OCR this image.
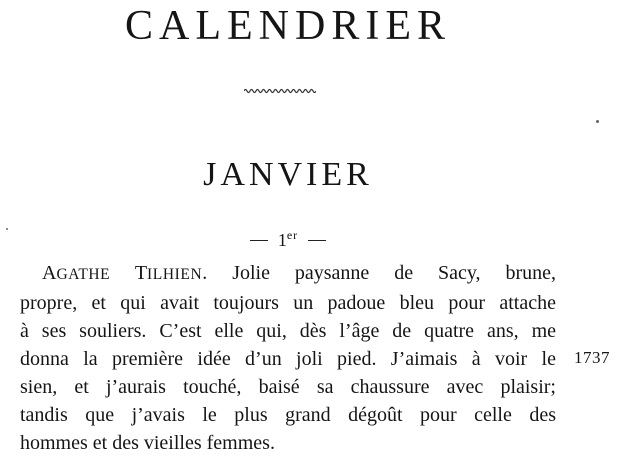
CALENDRIER
JANVIER
1er
AGATHE TILHIEN. Jolie paysanne de Sacy, brune,
propre, et qui avait toujours un padoue bleu pour attache
à ses souliers. C’est elle qui, dès l’âge de quatre ans, me
donna la première idée d’un joli pied. J’aimais à voir le
sien, et j’aurais touché, baisé sa chaussure avec plaisir;
tandis que j’avais le plus grand dégoût pour celle des
hommes et des vieilles femmes.
1737
